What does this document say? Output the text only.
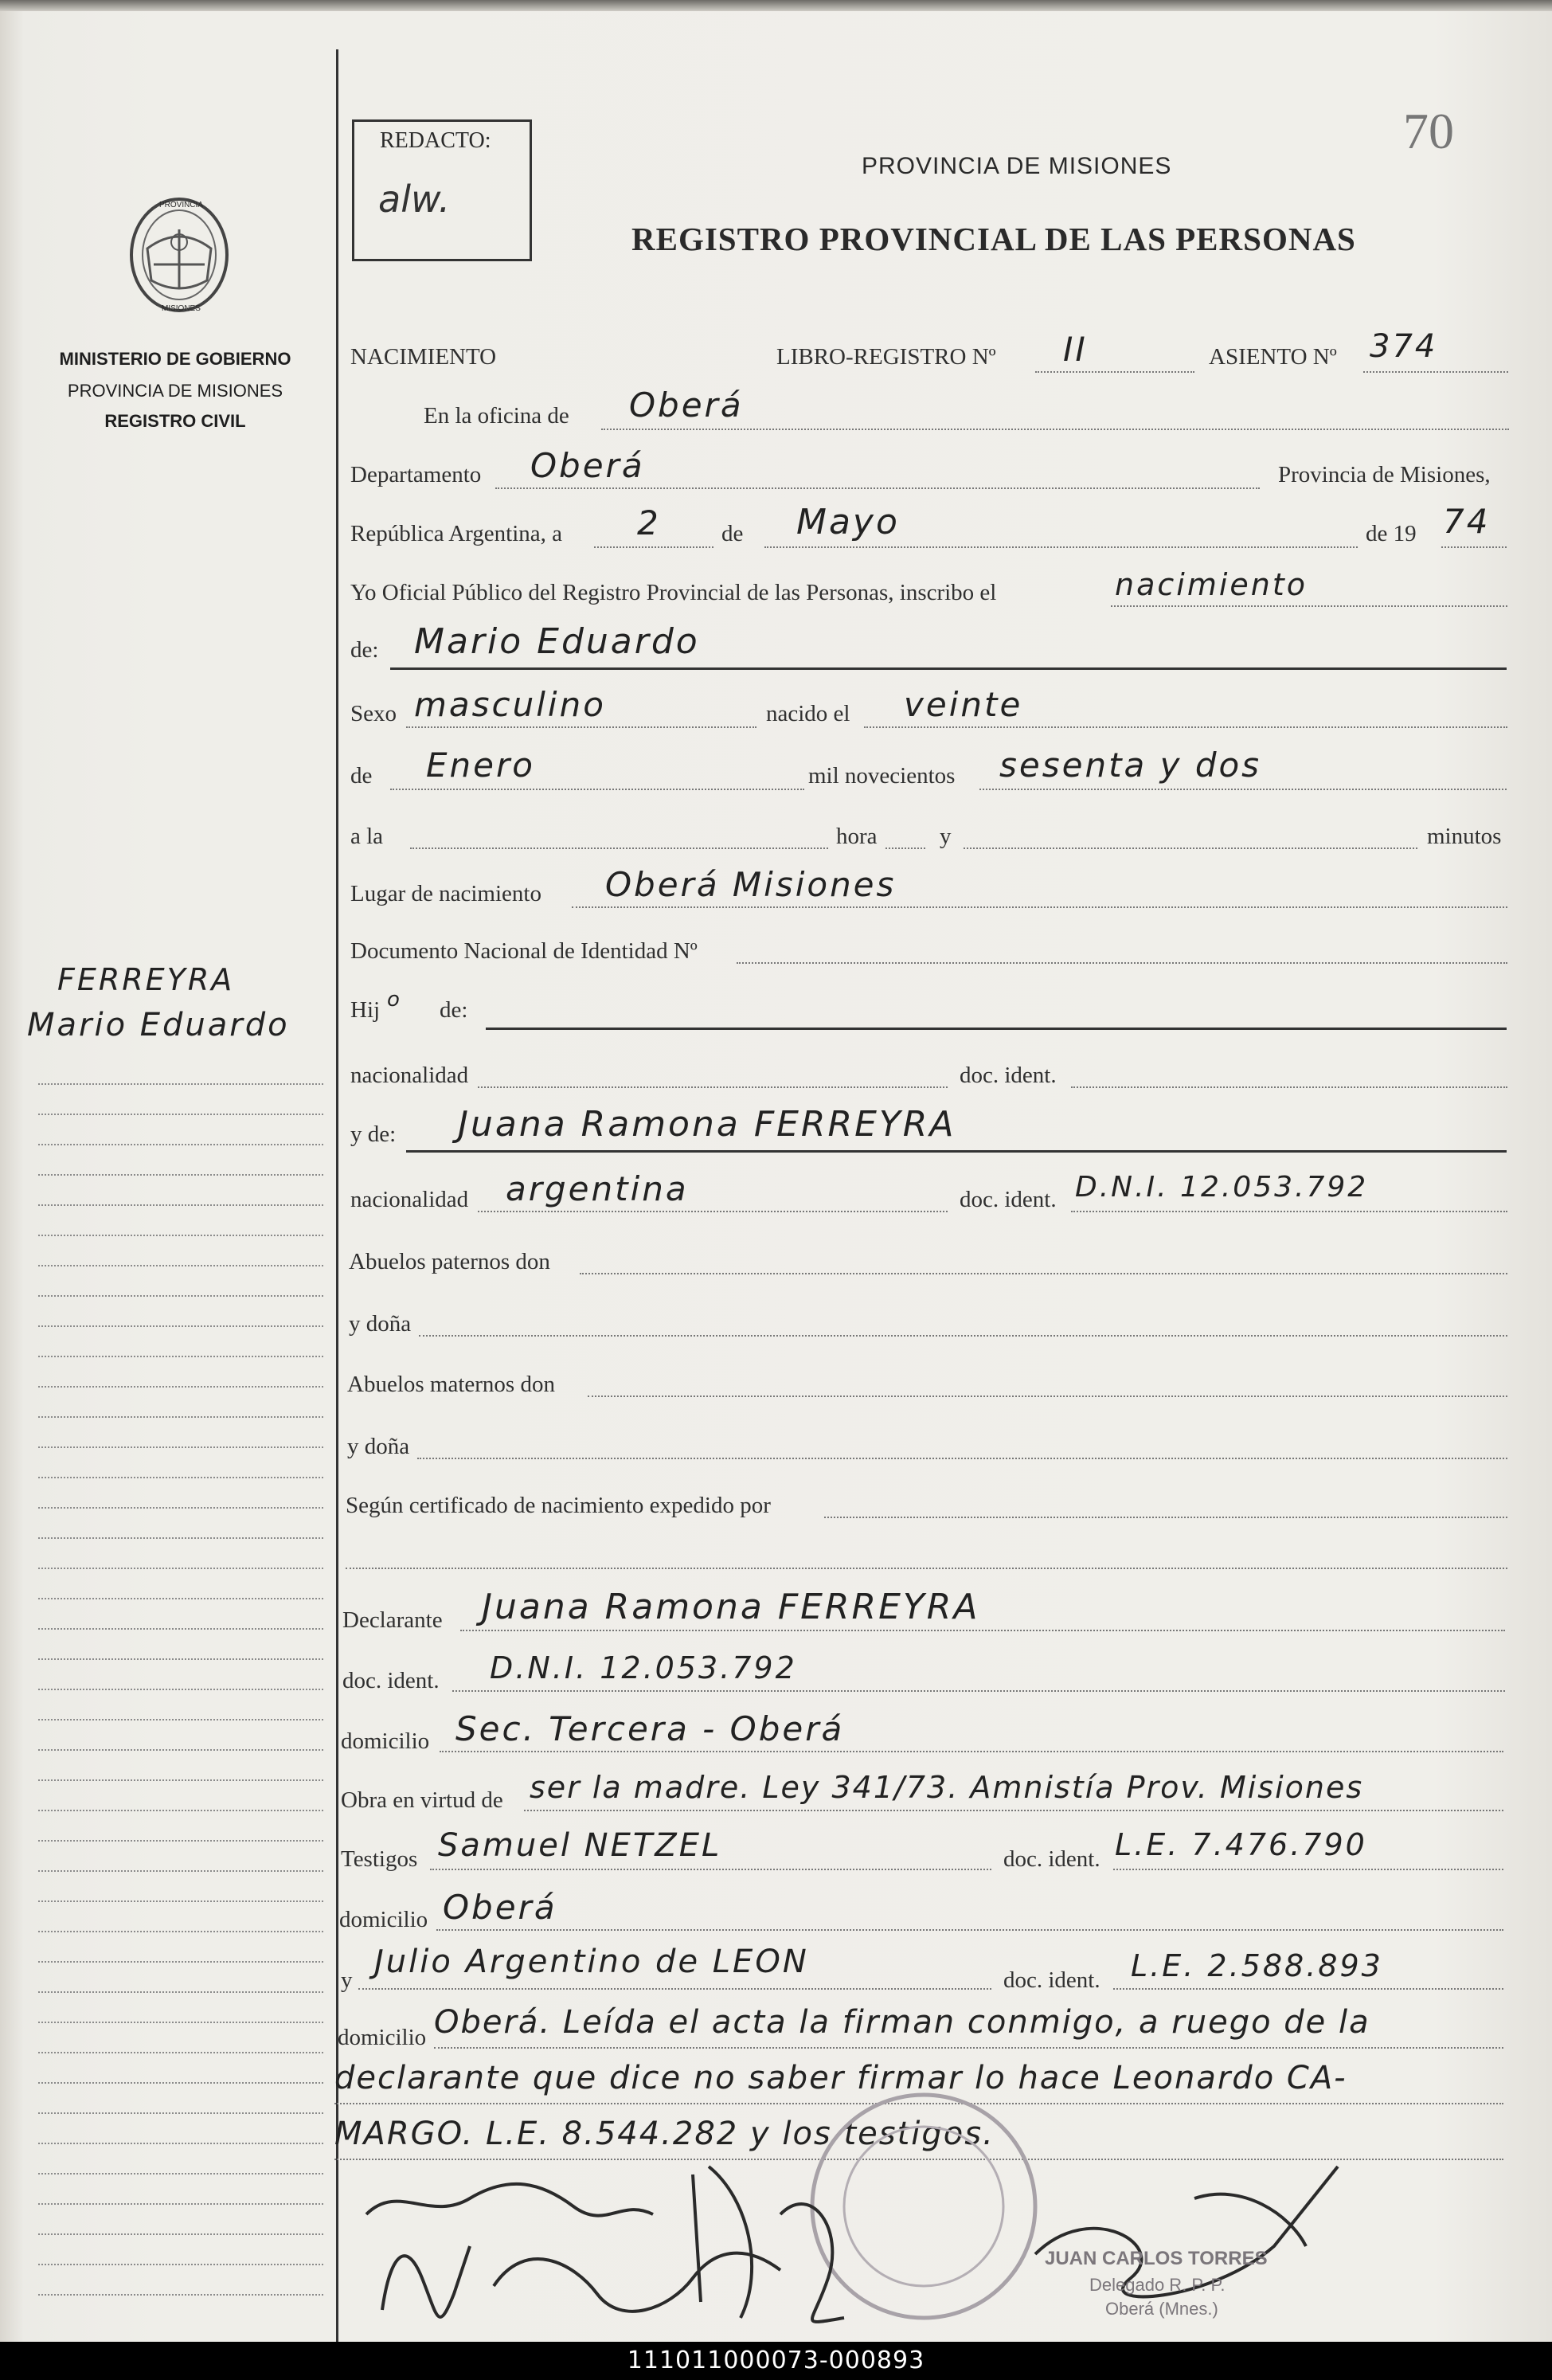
70
REDACTO:
alw.
PROVINCIA DE MISIONES
REGISTRO PROVINCIAL DE LAS PERSONAS
PROVINCIA
MISIONES
MINISTERIO DE GOBIERNO
PROVINCIA DE MISIONES
REGISTRO CIVIL
FERREYRA
Mario Eduardo
NACIMIENTO	LIBRO-REGISTRO Nº II	ASIENTO Nº 374
En la oficina de Oberá
Departamento Oberá	Provincia de Misiones,
República Argentina, a 2	de Mayo	de 19 74
Yo Oficial Público del Registro Provincial de las Personas, inscribo el	nacimiento
de: Mario Eduardo
Sexo masculino	nacido el veinte
de Enero	mil novecientos sesenta y dos
a la	hora	y	minutos
Lugar de nacimiento Oberá Misiones
Documento Nacional de Identidad Nº
Hij o de:
nacionalidad	doc. ident.
y de: Juana Ramona FERREYRA
nacionalidad argentina	doc. ident. D.N.I. 12.053.792
Abuelos paternos don
y doña
Abuelos maternos don
y doña
Según certificado de nacimiento expedido por
Declarante Juana Ramona FERREYRA
doc. ident. D.N.I. 12.053.792
domicilio Sec. Tercera - Oberá
Obra en virtud de ser la madre. Ley 341/73. Amnistía Prov. Misiones
Testigos Samuel NETZEL	doc. ident. L.E. 7.476.790
domicilio Oberá
y Julio Argentino de LEON	doc. ident. L.E. 2.588.893
domicilio Oberá. Leída el acta la firman conmigo, a ruego de la
declarante que dice no saber firmar lo hace Leonardo CA-
MARGO. L.E. 8.544.282 y los testigos.
JUAN CARLOS TORRES
Delegado R. P. P.
Oberá (Mnes.)
111011000073-000893
